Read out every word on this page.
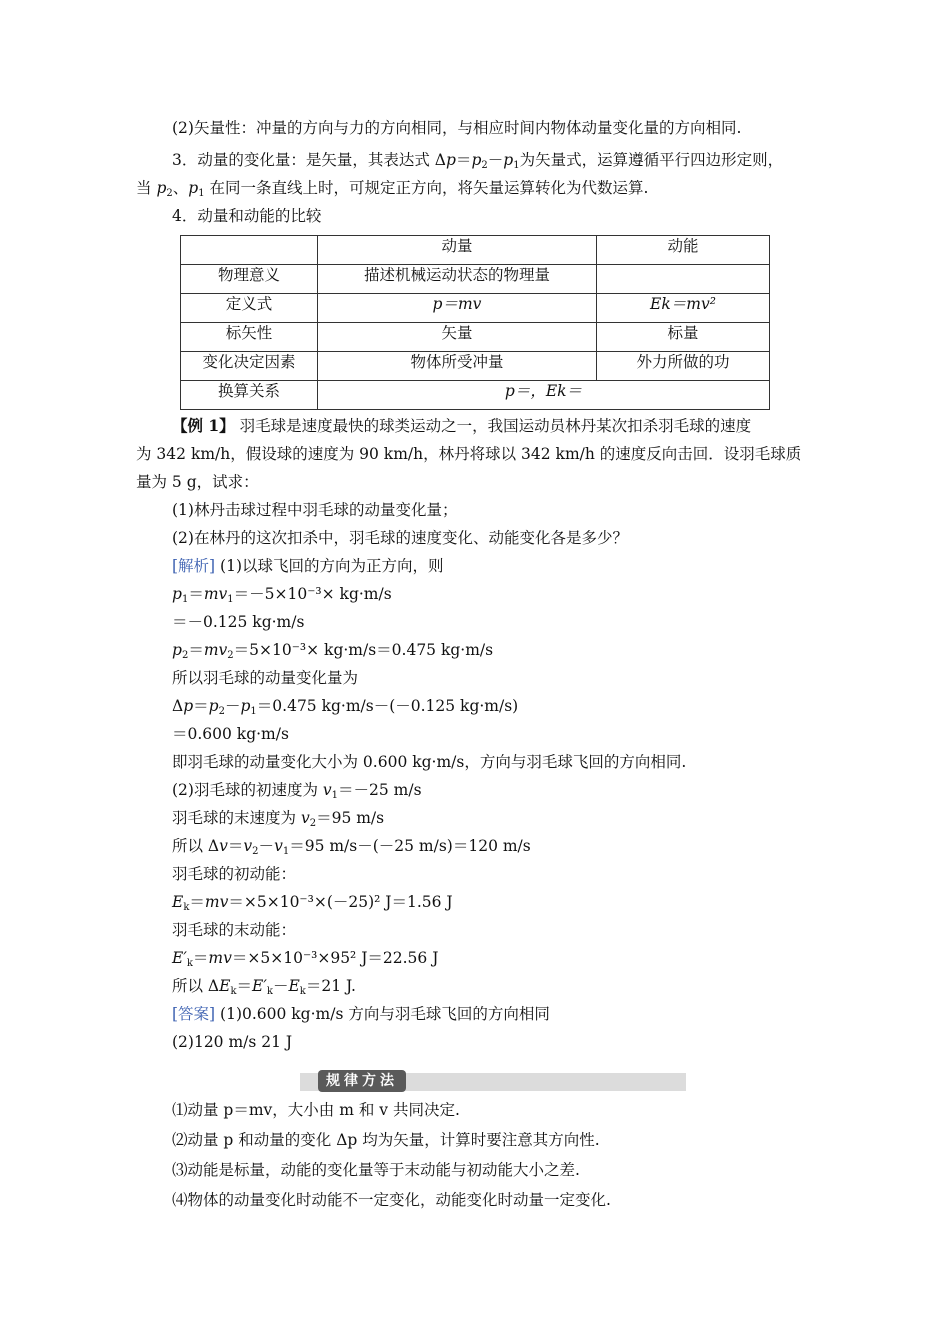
(2)矢量性：冲量的方向与力的方向相同，与相应时间内物体动量变化量的方向相同.
3．动量的变化量：是矢量，其表达式 $\Delta p=p_2-p_1$为矢量式，运算遵循平行四边形定则，
当 $p_2$、$p_1$ 在同一条直线上时，可规定正方向，将矢量运算转化为代数运算.
4．动量和动能的比较
	动量	动能
物理意义	描述机械运动状态的物理量	
定义式	p＝mv	Ek＝mv²
标矢性	矢量	标量
变化决定因素	物体所受冲量	外力所做的功
换算关系	p＝，Ek＝	
【例 1】 羽毛球是速度最快的球类运动之一，我国运动员林丹某次扣杀羽毛球的速度
为 342 km/h，假设球的速度为 90 km/h，林丹将球以 342 km/h 的速度反向击回．设羽毛球质
量为 5 g，试求：
(1)林丹击球过程中羽毛球的动量变化量；
(2)在林丹的这次扣杀中，羽毛球的速度变化、动能变化各是多少？
[解析] (1)以球飞回的方向为正方向，则
$p_1=mv_1=-5\times 10^{-3}\times kg\cdot m/s$
＝－0.125 kg·m/s
$p_2=mv_2=5\times 10^{-3}\times kg\cdot m/s=0.475$ kg·m/s
所以羽毛球的动量变化量为
$\Delta p=p_2-p_1=0.475$ kg·m/s－(－0.125 kg·m/s)
＝0.600 kg·m/s
即羽毛球的动量变化大小为 0.600 kg·m/s，方向与羽毛球飞回的方向相同.
(2)羽毛球的初速度为 $v_1=-25$ m/s
羽毛球的末速度为 $v_2=95$ m/s
所以 $\Delta v=v_2-v_1=95$ m/s－(－25 m/s)＝120 m/s
羽毛球的初动能：
$E_k=mv=\times 5\times 10^{-3}\times(-25)^2$ J＝1.56 J
羽毛球的末动能：
$E'_k=mv=\times 5\times 10^{-3}\times 95^2$ J＝22.56 J
所以 $\Delta E_k=E'_k-E_k=21$ J.
[答案] (1)0.600 kg·m/s 方向与羽毛球飞回的方向相同
(2)120 m/s 21 J
规律方法
⑴动量 p＝mv，大小由 m 和 v 共同决定.
⑵动量 p 和动量的变化 Δp 均为矢量，计算时要注意其方向性.
⑶动能是标量，动能的变化量等于末动能与初动能大小之差.
⑷物体的动量变化时动能不一定变化，动能变化时动量一定变化.
